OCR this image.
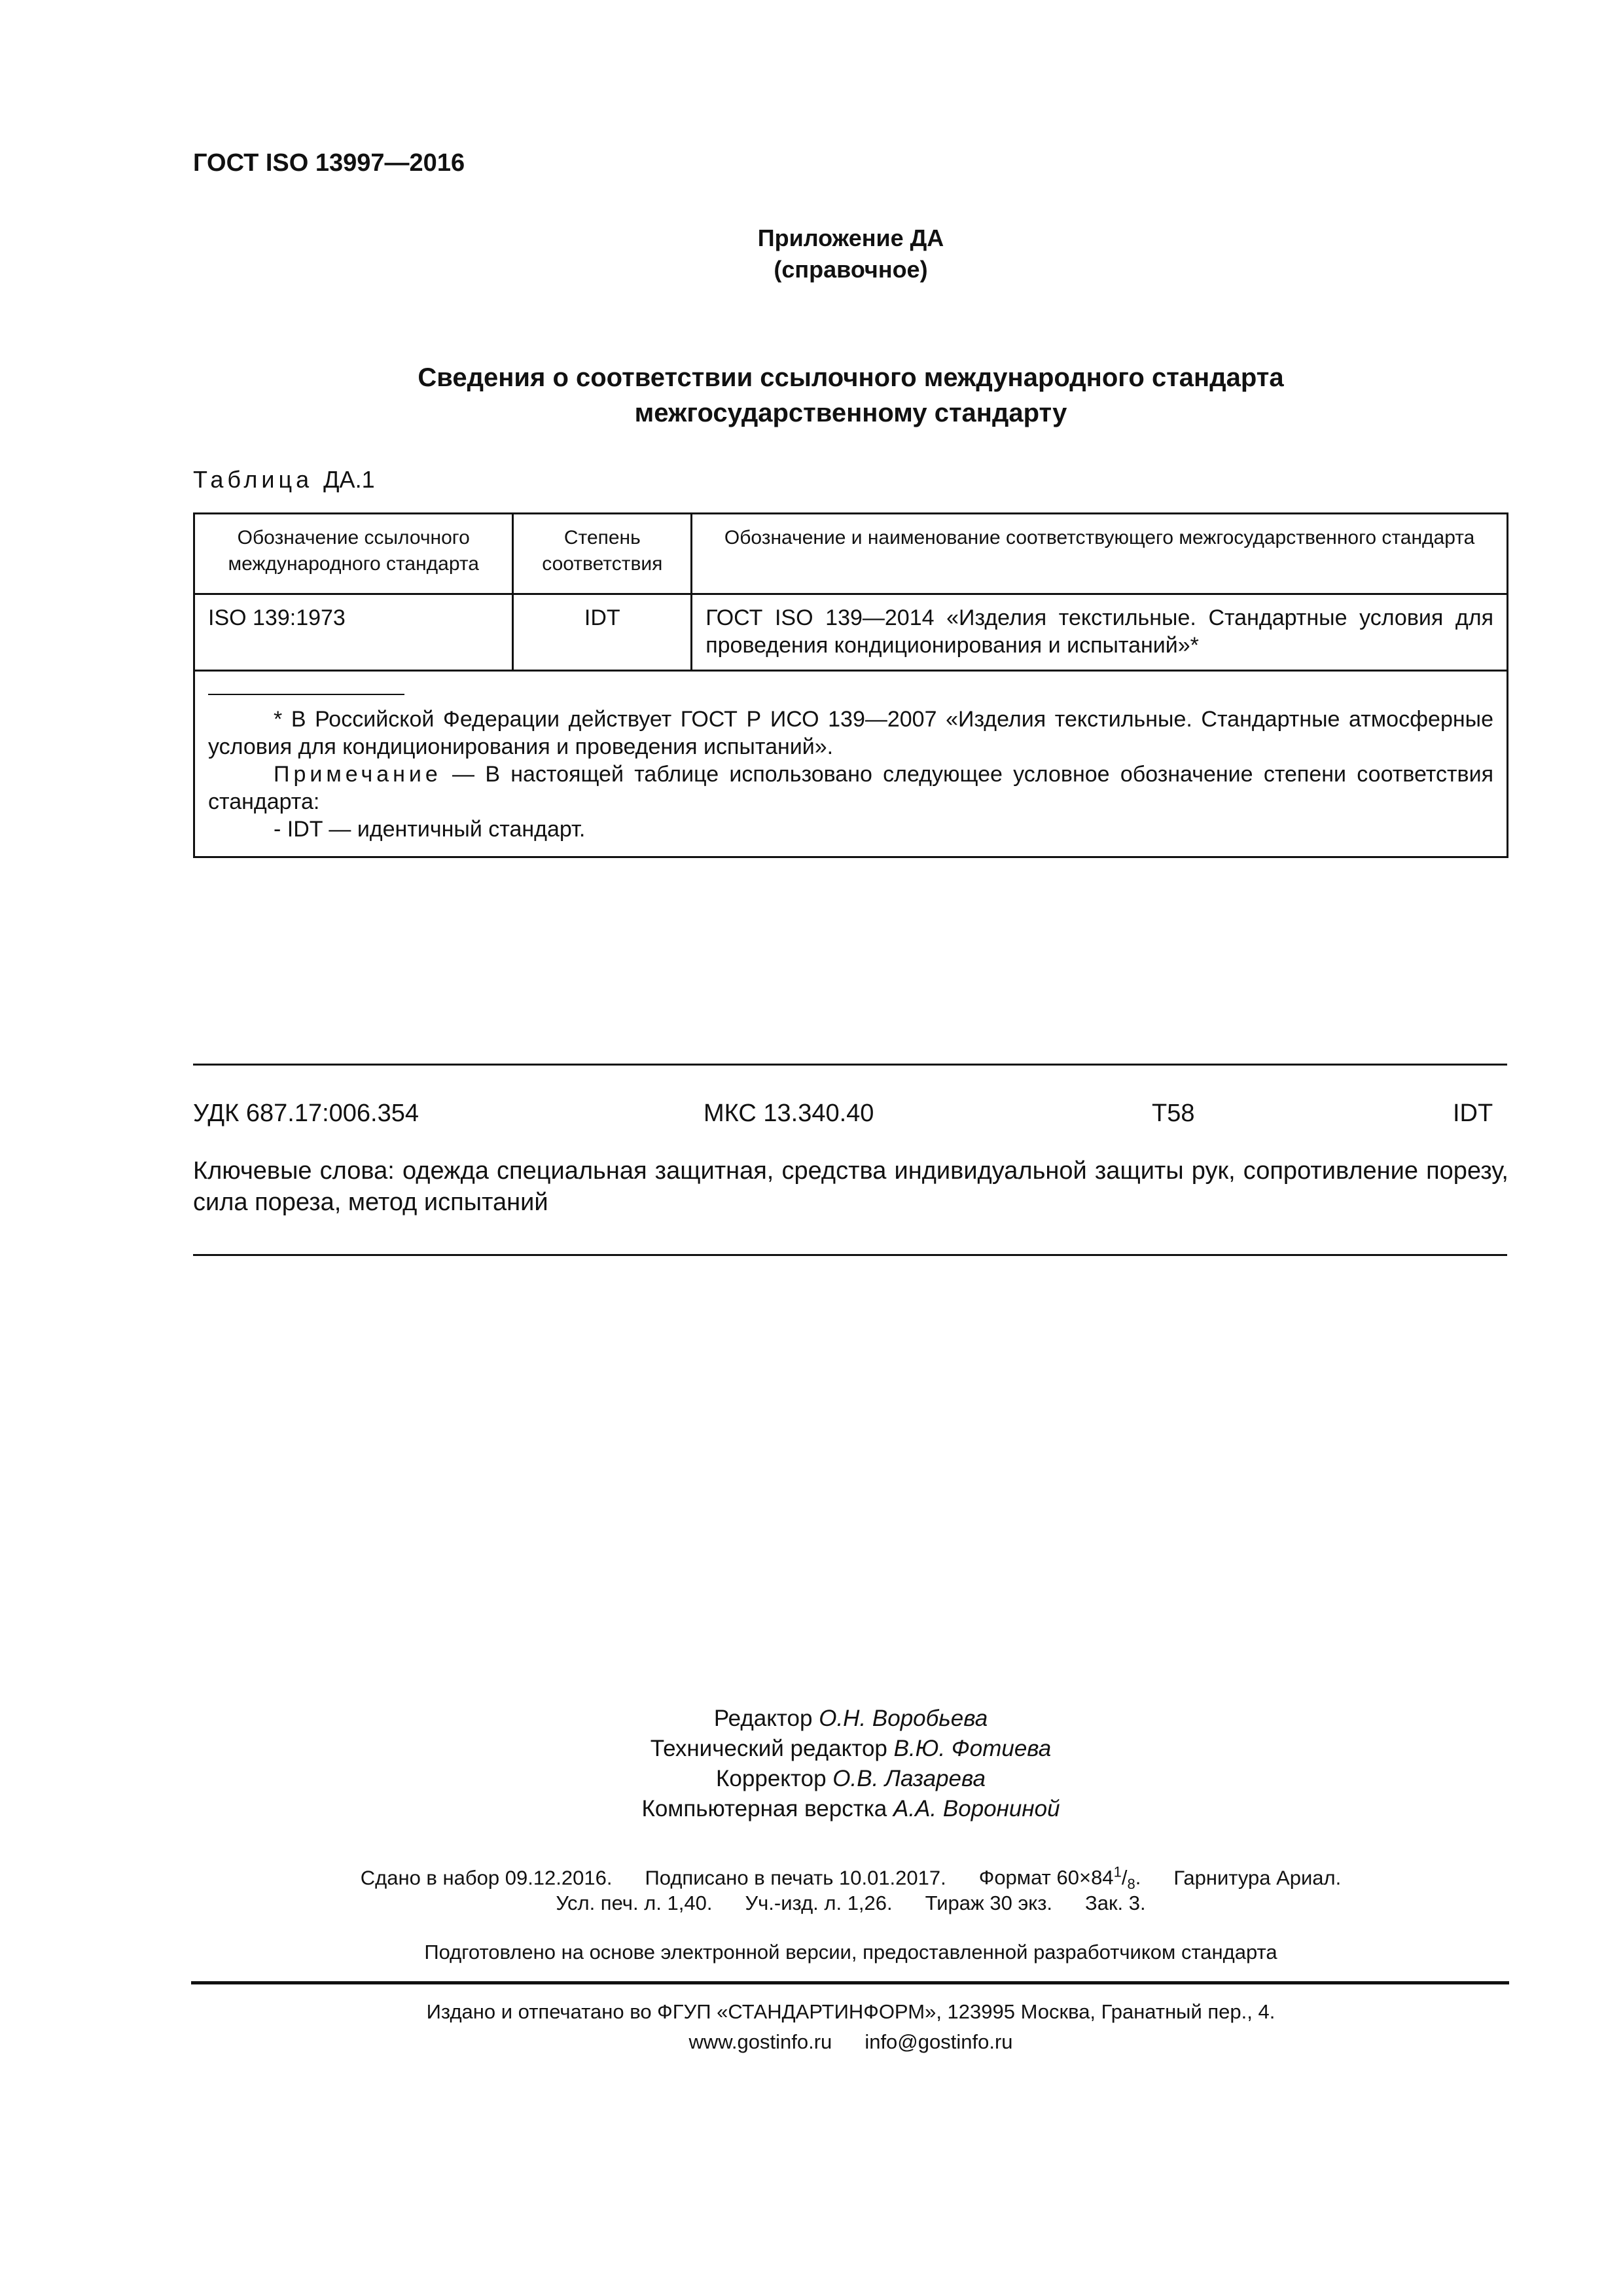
ГОСТ ISO 13997—2016
Приложение ДА
(справочное)
Сведения о соответствии ссылочного международного стандарта
межгосударственному стандарту
Таблица ДА.1
Обозначение ссылочного международного стандарта	Степень соответствия	Обозначение и наименование соответствующего межгосударственного стандарта
ISO 139:1973	IDT	ГОСТ ISO 139—2014 «Изделия текстильные. Стандартные условия для проведения кондиционирования и испытаний»*

* В Российской Федерации действует ГОСТ Р ИСО 139—2007 «Изделия текстильные. Стандартные атмосферные условия для кондиционирования и проведения испытаний».

Примечание — В настоящей таблице использовано следующее условное обозначение степени соответствия стандарта:

- IDT — идентичный стандарт.		

УДК 687.17:006.354	МКС 13.340.40	Т58	IDT
Ключевые слова: одежда специальная защитная, средства индивидуальной защиты рук, сопротивление порезу, сила пореза, метод испытаний
Редактор О.Н. Воробьева
Технический редактор В.Ю. Фотиева
Корректор О.В. Лазарева
Компьютерная верстка А.А. Ворониной
Сдано в набор 09.12.2016. Подписано в печать 10.01.2017. Формат $60\times 84^1/_8$. Гарнитура Ариал.
Усл. печ. л. 1,40. Уч.-изд. л. 1,26. Тираж 30 экз. Зак. 3.
Подготовлено на основе электронной версии, предоставленной разработчиком стандарта
Издано и отпечатано во ФГУП «СТАНДАРТИНФОРМ», 123995 Москва, Гранатный пер., 4.
www.gostinfo.ru info@gostinfo.ru
